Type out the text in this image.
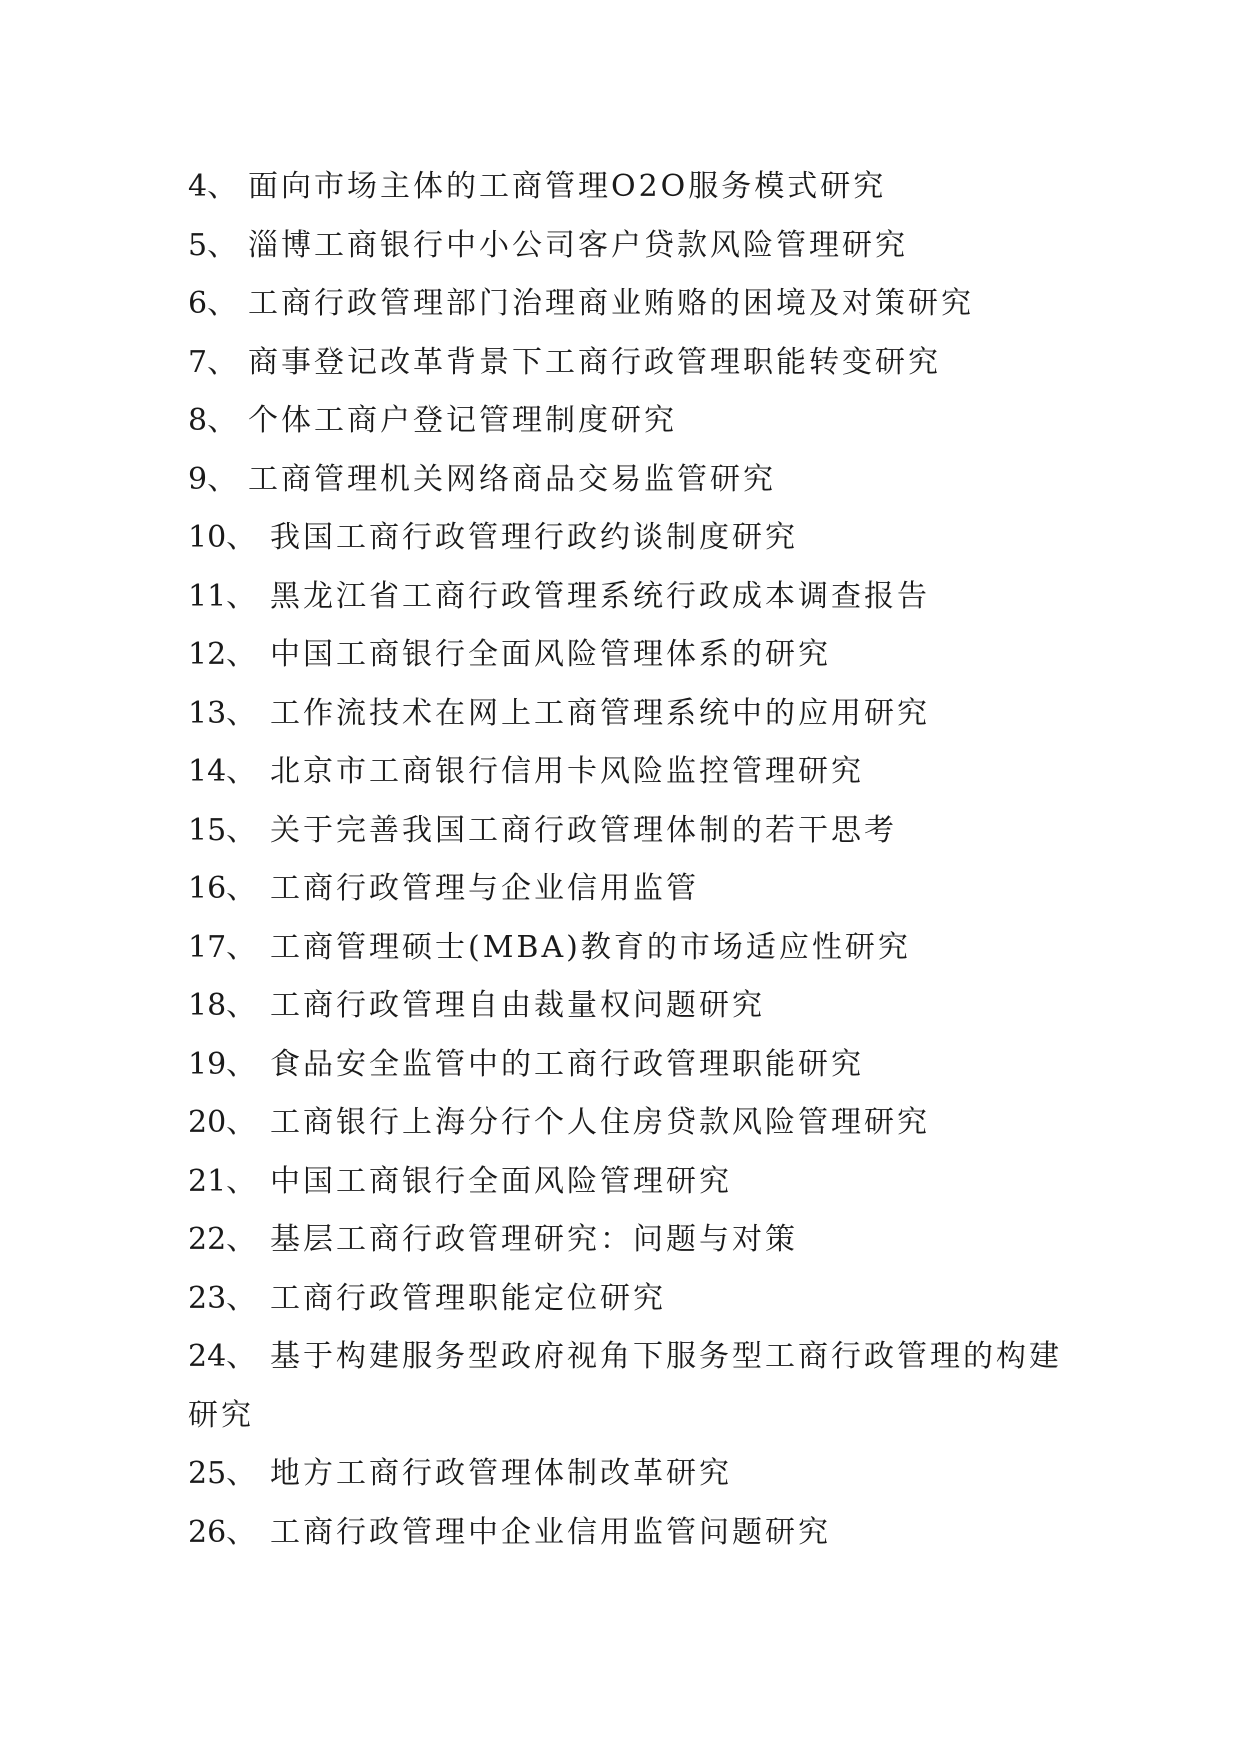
4、 面向市场主体的工商管理O2O服务模式研究
5、 淄博工商银行中小公司客户贷款风险管理研究
6、 工商行政管理部门治理商业贿赂的困境及对策研究
7、 商事登记改革背景下工商行政管理职能转变研究
8、 个体工商户登记管理制度研究
9、 工商管理机关网络商品交易监管研究
10、 我国工商行政管理行政约谈制度研究
11、 黑龙江省工商行政管理系统行政成本调查报告
12、 中国工商银行全面风险管理体系的研究
13、 工作流技术在网上工商管理系统中的应用研究
14、 北京市工商银行信用卡风险监控管理研究
15、 关于完善我国工商行政管理体制的若干思考
16、 工商行政管理与企业信用监管
17、 工商管理硕士(MBA)教育的市场适应性研究
18、 工商行政管理自由裁量权问题研究
19、 食品安全监管中的工商行政管理职能研究
20、 工商银行上海分行个人住房贷款风险管理研究
21、 中国工商银行全面风险管理研究
22、 基层工商行政管理研究：问题与对策
23、 工商行政管理职能定位研究
24、 基于构建服务型政府视角下服务型工商行政管理的构建研究
25、 地方工商行政管理体制改革研究
26、 工商行政管理中企业信用监管问题研究
